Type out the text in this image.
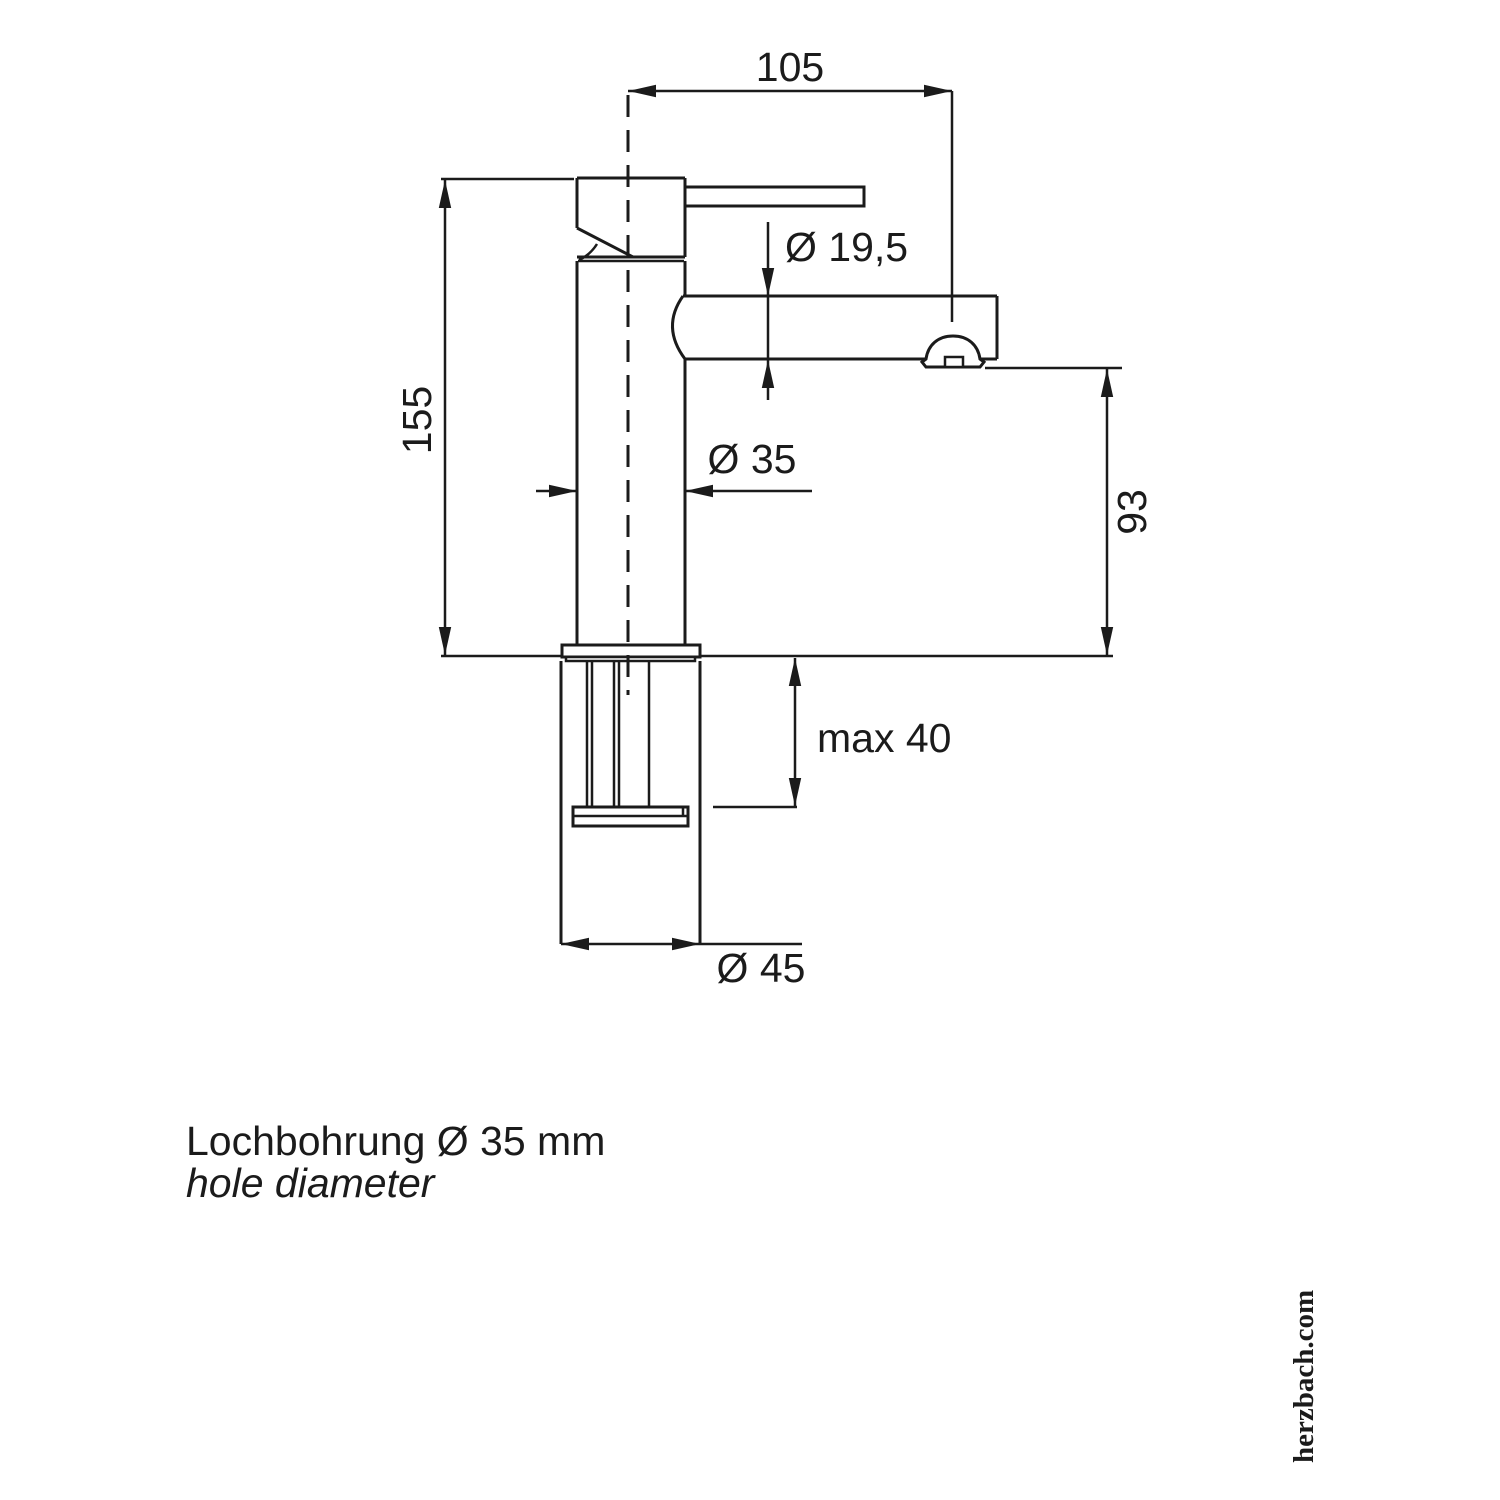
105
155
Ø 19,5
Ø 35
93
max 40
Ø 45
Lochbohrung Ø 35 mm
hole diameter
herzbach.com
